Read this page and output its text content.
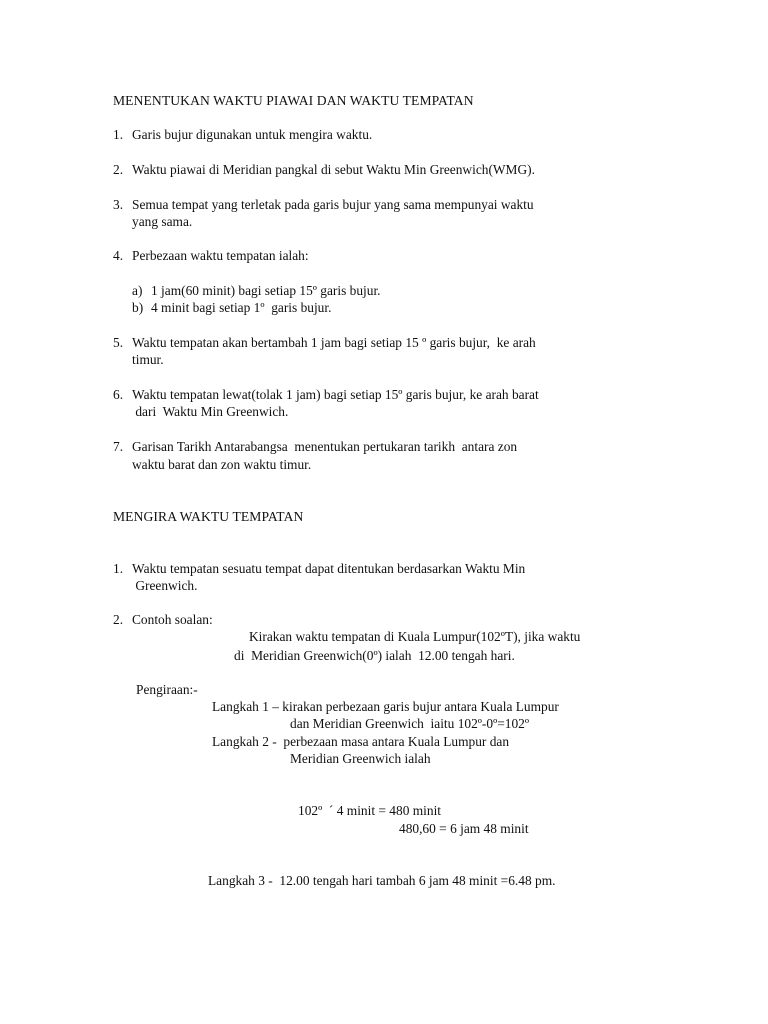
MENENTUKAN WAKTU PIAWAI DAN WAKTU TEMPATAN
1. Garis bujur digunakan untuk mengira waktu.
2. Waktu piawai di Meridian pangkal di sebut Waktu Min Greenwich(WMG).
3. Semua tempat yang terletak pada garis bujur yang sama mempunyai waktu
yang sama.
4. Perbezaan waktu tempatan ialah:
a) 1 jam(60 minit) bagi setiap 15º garis bujur.
b) 4 minit bagi setiap 1º  garis bujur.
5. Waktu tempatan akan bertambah 1 jam bagi setiap 15 º garis bujur,  ke arah
timur.
6. Waktu tempatan lewat(tolak 1 jam) bagi setiap 15º garis bujur, ke arah barat
dari  Waktu Min Greenwich.
7. Garisan Tarikh Antarabangsa  menentukan pertukaran tarikh  antara zon
waktu barat dan zon waktu timur.
MENGIRA WAKTU TEMPATAN
1. Waktu tempatan sesuatu tempat dapat ditentukan berdasarkan Waktu Min
Greenwich.
2. Contoh soalan:
Kirakan waktu tempatan di Kuala Lumpur(102ºT), jika waktu
di  Meridian Greenwich(0º) ialah  12.00 tengah hari.
Pengiraan:-
Langkah 1 – kirakan perbezaan garis bujur antara Kuala Lumpur
dan Meridian Greenwich  iaitu 102º-0º=102º
Langkah 2 -  perbezaan masa antara Kuala Lumpur dan
Meridian Greenwich ialah
102º  ´ 4 minit = 480 minit
480,60 = 6 jam 48 minit
Langkah 3 -  12.00 tengah hari tambah 6 jam 48 minit =6.48 pm.
